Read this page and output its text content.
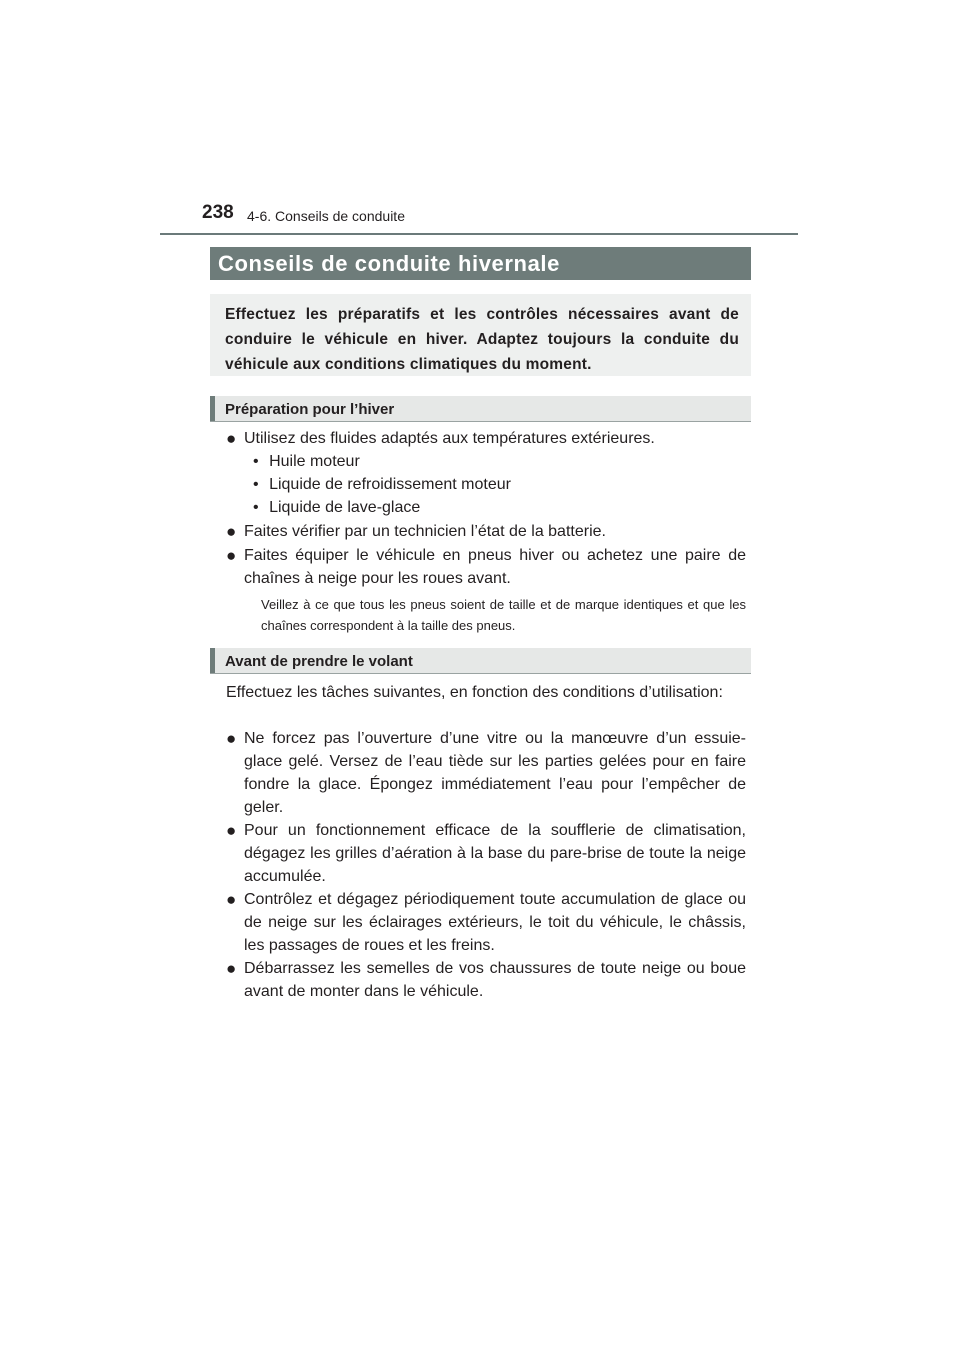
238 4-6. Conseils de conduite
Conseils de conduite hivernale
Effectuez les préparatifs et les contrôles nécessaires avant de conduire le véhicule en hiver. Adaptez toujours la conduite du véhicule aux conditions climatiques du moment.
Préparation pour l’hiver
● Utilisez des fluides adaptés aux températures extérieures.
• Huile moteur
• Liquide de refroidissement moteur
• Liquide de lave-glace
● Faites vérifier par un technicien l’état de la batterie.
● Faites équiper le véhicule en pneus hiver ou achetez une paire de chaînes à neige pour les roues avant.
Veillez à ce que tous les pneus soient de taille et de marque identiques et que les chaînes correspondent à la taille des pneus.
Avant de prendre le volant
Effectuez les tâches suivantes, en fonction des conditions d’utilisation:
● Ne forcez pas l’ouverture d’une vitre ou la manœuvre d’un essuie-glace gelé. Versez de l’eau tiède sur les parties gelées pour en faire fondre la glace. Épongez immédiatement l’eau pour l’empêcher de geler.
● Pour un fonctionnement efficace de la soufflerie de climatisation, dégagez les grilles d’aération à la base du pare-brise de toute la neige accumulée.
● Contrôlez et dégagez périodiquement toute accumulation de glace ou de neige sur les éclairages extérieurs, le toit du véhicule, le châssis, les passages de roues et les freins.
● Débarrassez les semelles de vos chaussures de toute neige ou boue avant de monter dans le véhicule.
